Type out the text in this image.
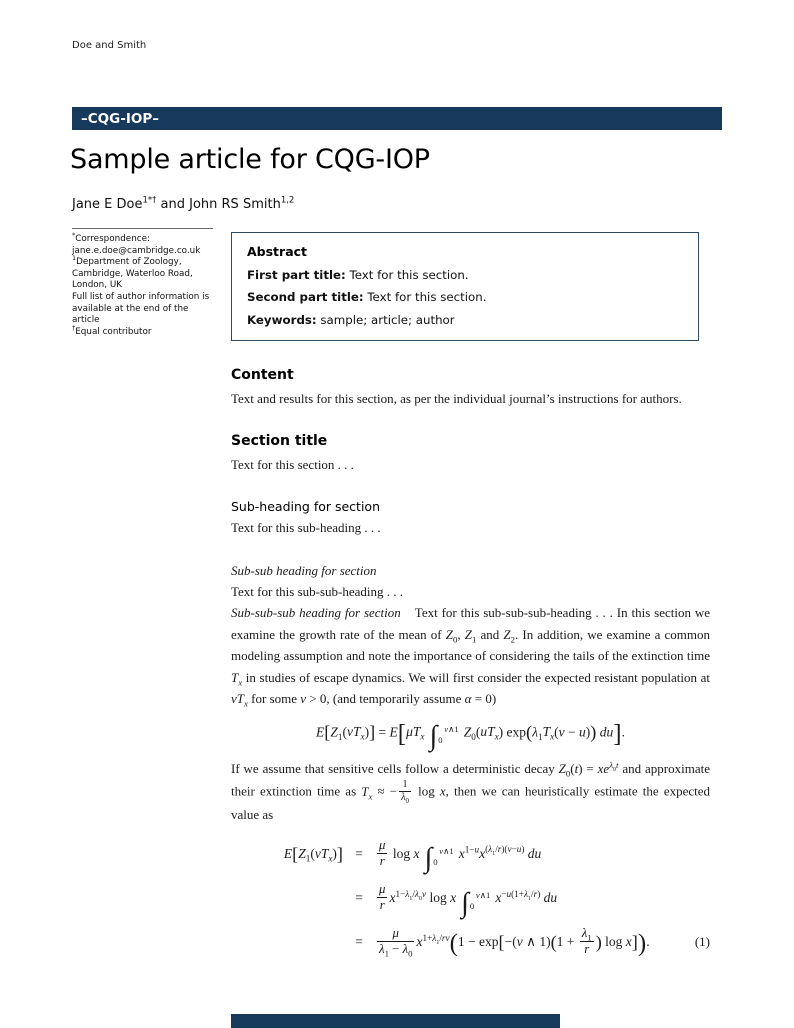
Doe and Smith
–CQG-IOP–
Sample article for CQG-IOP
Jane E Doe$^{1*\dagger}$ and John RS Smith$^{1,2}$
*Correspondence:
jane.e.doe@cambridge.co.uk
$^1$Department of Zoology,
Cambridge, Waterloo Road,
London, UK
Full list of author information is
available at the end of the article
†Equal contributor
Abstract
First part title: Text for this section.
Second part title: Text for this section.
Keywords: sample; article; author
Content

Text and results for this section, as per the individual journal’s instructions for authors.

Section title

Text for this section . . .

Sub-heading for section

Text for this sub-heading . . .

Sub-sub heading for section

Text for this sub-sub-heading . . .

Sub-sub-sub heading for section Text for this sub-sub-sub-heading . . . In this section we examine the growth rate of the mean of $Z_0$, $Z_1$ and $Z_2$. In addition, we examine a common modeling assumption and note the importance of considering the tails of the extinction time $T_x$ in studies of escape dynamics. We will first consider the expected resistant population at $vT_x$ for some v > 0, (and temporarily assume α = 0)

$E[Z_1(vT_x)] = E[\mu T_x$ ∫ v∧1
0
$Z_0(uT_x) \exp(\lambda_1T_x(v - u))$ du].

If we assume that sensitive cells follow a deterministic decay $Z_0(t) = xe^{\lambda_0t}$ and approximate their extinction time as $T_x$ ≈ − $\frac{1}{\lambda_0}$ log x, then we can heuristically estimate the expected value as

$E[Z_1(vT_x)]$ =	$\frac{\mu}{r}$ log x ∫ v∧1
0
$x^{1-u}x^{(\lambda_1/r)(v-u)}$ du
=	$\frac{\mu}{r} x^{1-\lambda_1/\lambda_0v}$ log x ∫ v∧1
0
$x^{-u(1+\lambda_1/r)}$ du
=	$\frac{\mu}{\lambda_1 - \lambda_0} x^{1+\lambda_1/rv}(1 - \exp[-(v$ ∧ $1)(1 + \frac{\lambda_1}{r}$ ) log x]).	(1)
